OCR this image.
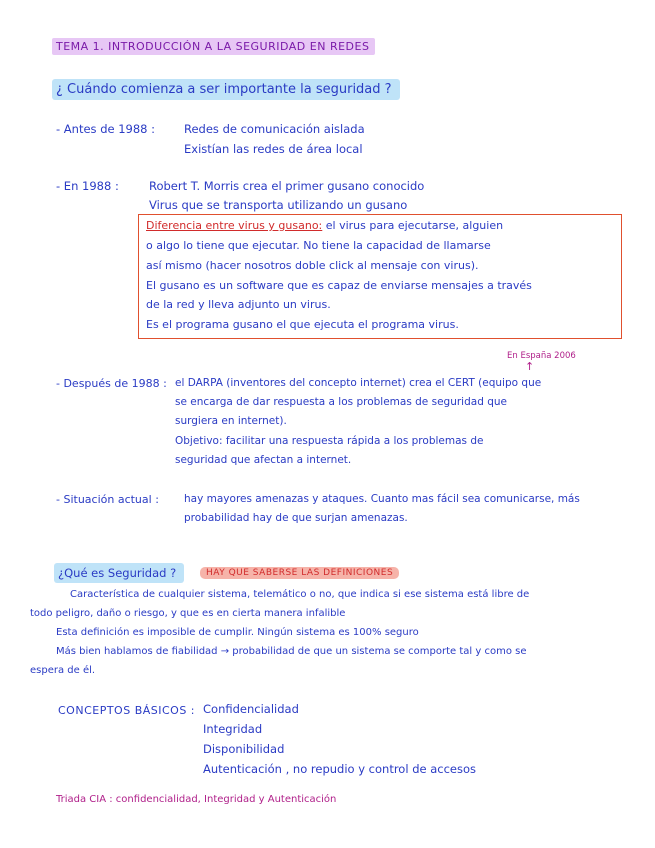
TEMA 1. INTRODUCCIÓN A LA SEGURIDAD EN REDES
¿ Cuándo comienza a ser importante la seguridad ?
- Antes de 1988 :	Redes de comunicación aislada
Existían las redes de área local
- En 1988 :	Robert T. Morris crea el primer gusano conocido
Virus que se transporta utilizando un gusano
Diferencia entre virus y gusano: el virus para ejecutarse, alguien
o algo lo tiene que ejecutar. No tiene la capacidad de llamarse
así mismo (hacer nosotros doble click al mensaje con virus).
El gusano es un software que es capaz de enviarse mensajes a través
de la red y lleva adjunto un virus.
Es el programa gusano el que ejecuta el programa virus.
En España 2006
↑
- Después de 1988 : el DARPA (inventores del concepto internet) crea el CERT (equipo que
se encarga de dar respuesta a los problemas de seguridad que
surgiera en internet).
Objetivo: facilitar una respuesta rápida a los problemas de
seguridad que afectan a internet.
- Situación actual : hay mayores amenazas y ataques. Cuanto mas fácil sea comunicarse, más
probabilidad hay de que surjan amenazas.
¿Qué es Seguridad ?	HAY QUE SABERSE LAS DEFINICIONES
Característica de cualquier sistema, telemático o no, que indica si ese sistema está libre de
todo peligro, daño o riesgo, y que es en cierta manera infalible
Esta definición es imposible de cumplir. Ningún sistema es 100% seguro
Más bien hablamos de fiabilidad → probabilidad de que un sistema se comporte tal y como se
espera de él.
CONCEPTOS BÁSICOS : Confidencialidad
Integridad
Disponibilidad
Autenticación , no repudio y control de accesos
Triada CIA : confidencialidad, Integridad y Autenticación
